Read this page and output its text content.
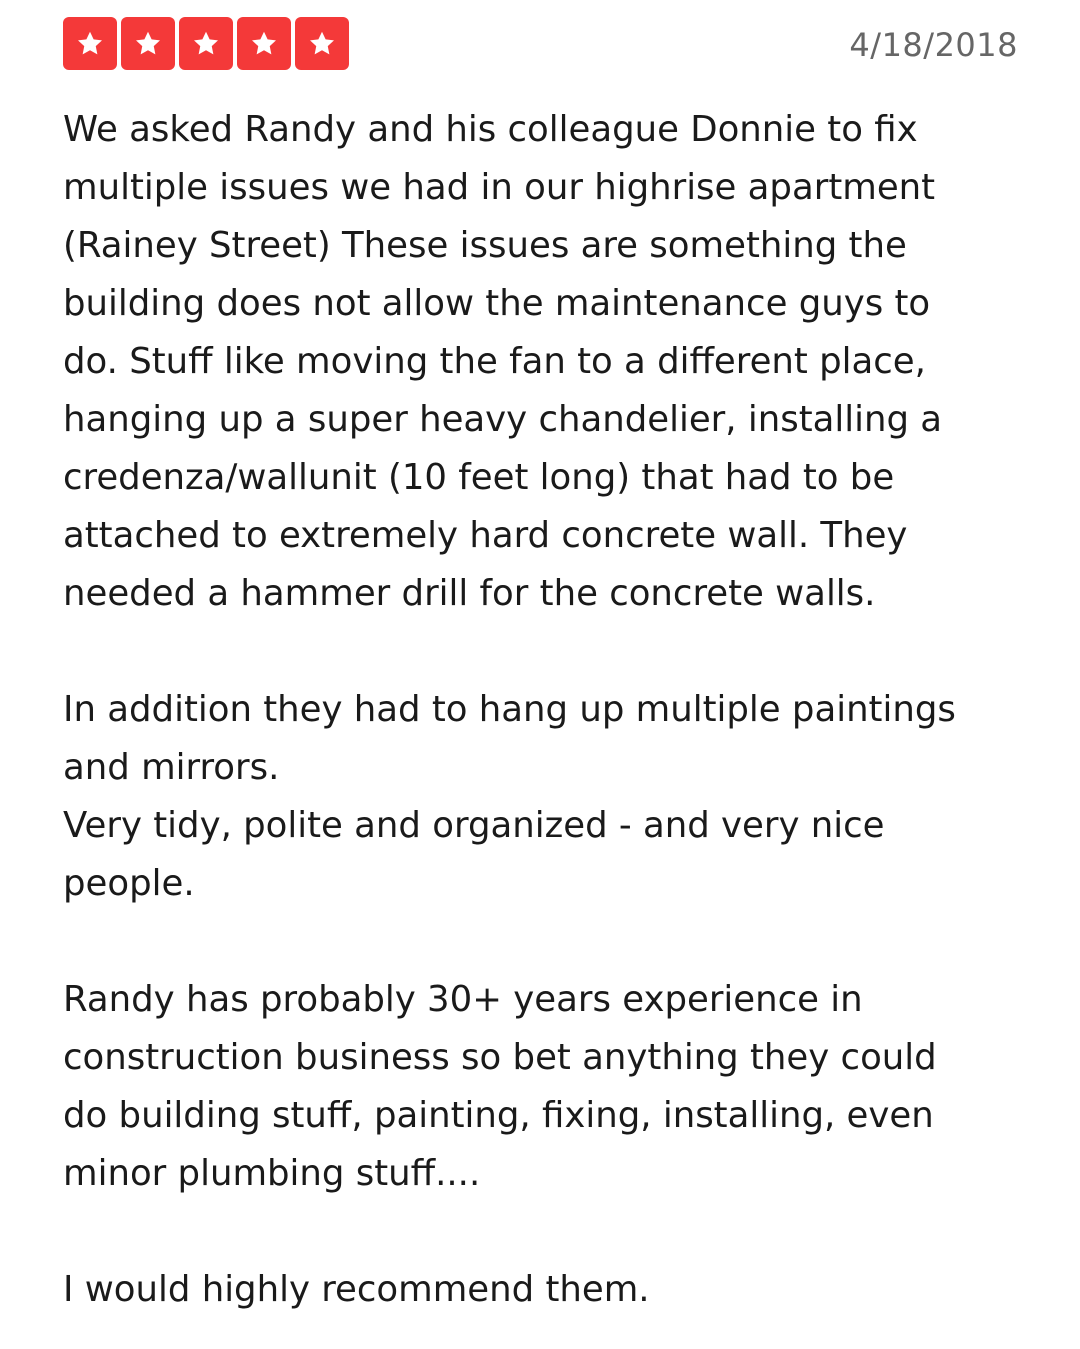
4/18/2018

We asked Randy and his colleague Donnie to fix
multiple issues we had in our highrise apartment
(Rainey Street) These issues are something the
building does not allow the maintenance guys to
do. Stuff like moving the fan to a different place,
hanging up a super heavy chandelier, installing a
credenza/wallunit (10 feet long) that had to be
attached to extremely hard concrete wall. They
needed a hammer drill for the concrete walls.

In addition they had to hang up multiple paintings
and mirrors.
Very tidy, polite and organized - and very nice
people.

Randy has probably 30+ years experience in
construction business so bet anything they could
do building stuff, painting, fixing, installing, even
minor plumbing stuff....

I would highly recommend them.
